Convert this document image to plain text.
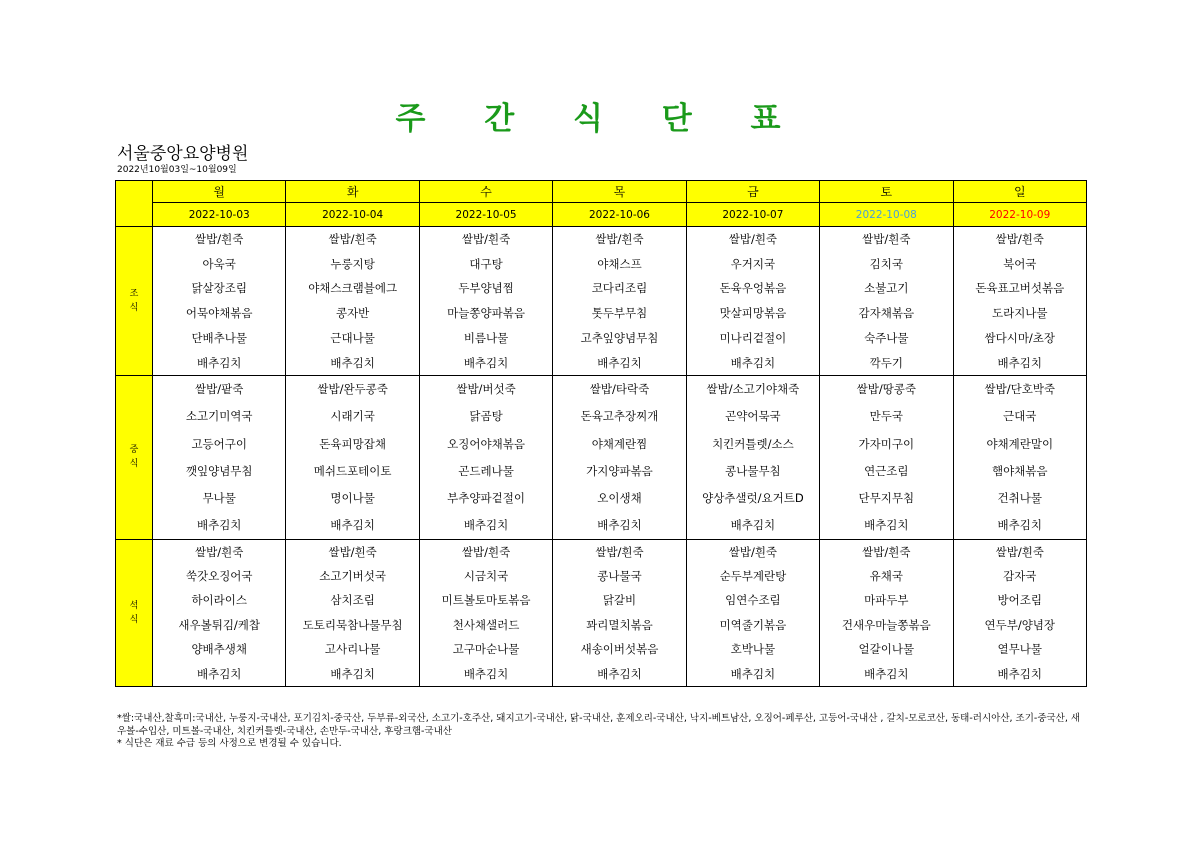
주 간 식 단 표

서울중앙요양병원

2022년10월03일~10월09일

	월	화	수	목	금	토	일
	2022-10-03	2022-10-04	2022-10-05	2022-10-06	2022-10-07	2022-10-08	2022-10-09
조
식	쌀밥/흰죽	쌀밥/흰죽	쌀밥/흰죽	쌀밥/흰죽	쌀밥/흰죽	쌀밥/흰죽	쌀밥/흰죽
	아욱국	누룽지탕	대구탕	야채스프	우거지국	김치국	북어국
	닭살장조림	야채스크램블에그	두부양념찜	코다리조림	돈육우엉볶음	소불고기	돈육표고버섯볶음
	어묵야채볶음	콩자반	마늘쫑양파볶음	톳두부무침	맛살피망볶음	감자채볶음	도라지나물
	단배추나물	근대나물	비름나물	고추잎양념무침	미나리겉절이	숙주나물	쌈다시마/초장
	배추김치	배추김치	배추김치	배추김치	배추김치	깍두기	배추김치
중
식	쌀밥/팥죽	쌀밥/완두콩죽	쌀밥/버섯죽	쌀밥/타락죽	쌀밥/소고기야채죽	쌀밥/땅콩죽	쌀밥/단호박죽
	소고기미역국	시래기국	닭곰탕	돈육고추장찌개	곤약어묵국	만두국	근대국
	고등어구이	돈육피망잡채	오징어야채볶음	야채계란찜	치킨커틀렛/소스	가자미구이	야채계란말이
	깻잎양념무침	메쉬드포테이토	곤드레나물	가지양파볶음	콩나물무침	연근조림	햄야채볶음
	무나물	명이나물	부추양파겉절이	오이생채	양상추샐럿/요거트D	단무지무침	건취나물
	배추김치	배추김치	배추김치	배추김치	배추김치	배추김치	배추김치
석
식	쌀밥/흰죽	쌀밥/흰죽	쌀밥/흰죽	쌀밥/흰죽	쌀밥/흰죽	쌀밥/흰죽	쌀밥/흰죽
	쑥갓오징어국	소고기버섯국	시금치국	콩나물국	순두부계란탕	유채국	감자국
	하이라이스	삼치조림	미트볼토마토볶음	닭갈비	임연수조림	마파두부	방어조림
	새우볼튀김/케찹	도토리묵참나물무침	천사채샐러드	꽈리멸치볶음	미역줄기볶음	건새우마늘쫑볶음	연두부/양념장
	양배추생채	고사리나물	고구마순나물	새송이버섯볶음	호박나물	얼갈이나물	열무나물
	배추김치	배추김치	배추김치	배추김치	배추김치	배추김치	배추김치

*쌀:국내산,찰흑미:국내산, 누룽지-국내산, 포기김치-중국산, 두부류-외국산, 소고기-호주산, 돼지고기-국내산, 닭-국내산, 훈제오리-국내산, 낙지-베트남산, 오징어-페루산, 고등어-국내산 , 갈치-모로코산, 동태-러시아산, 조기-중국산, 새우볼-수입산, 미트볼-국내산, 치킨커틀렛-국내산, 손만두-국내산, 후랑크햄-국내산

* 식단은 재료 수급 등의 사정으로 변경될 수 있습니다.
